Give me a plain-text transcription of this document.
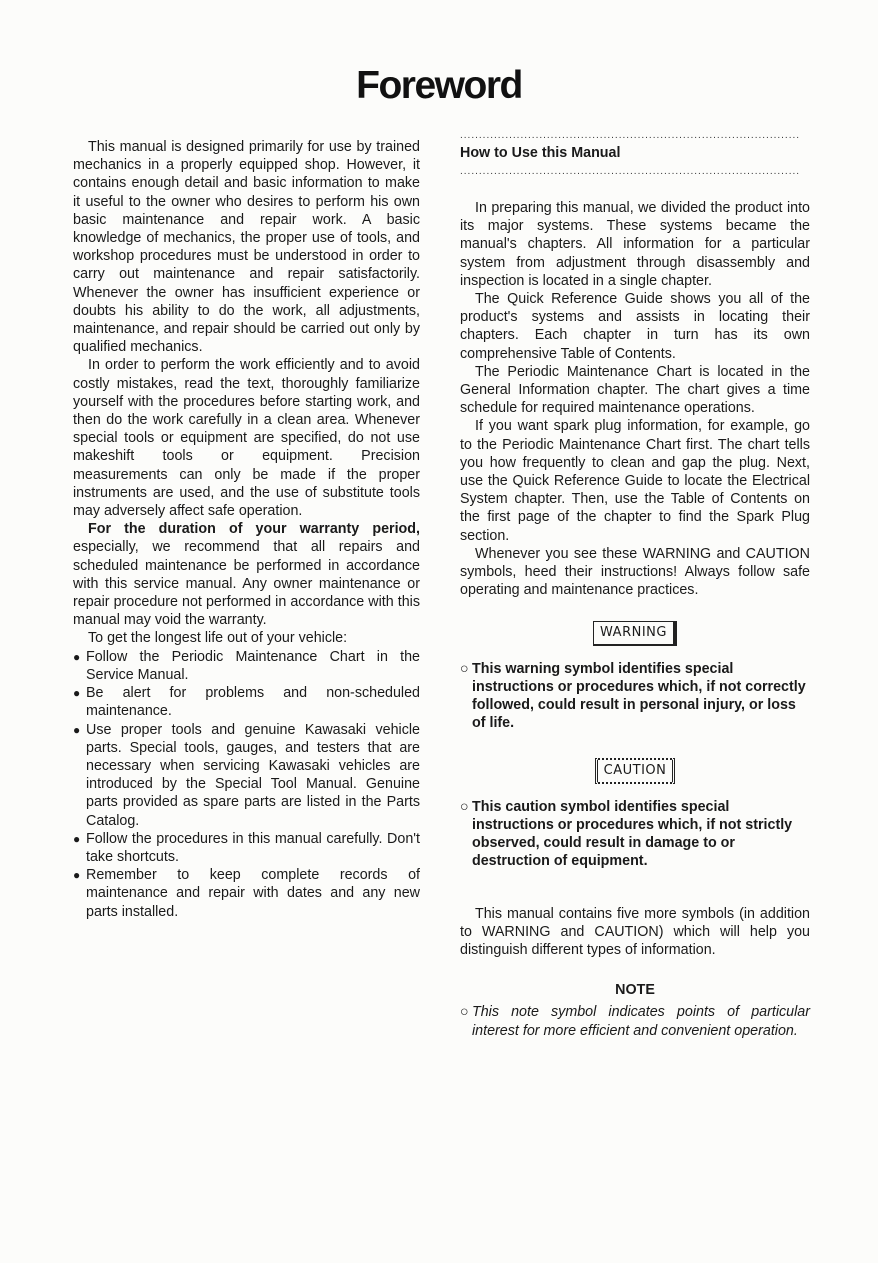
Foreword

This manual is designed primarily for use by trained mechanics in a properly equipped shop. However, it contains enough detail and basic information to make it useful to the owner who desires to perform his own basic maintenance and repair work. A basic knowledge of mechanics, the proper use of tools, and workshop procedures must be understood in order to carry out maintenance and repair satisfactorily. Whenever the owner has insufficient experience or doubts his ability to do the work, all adjustments, maintenance, and repair should be carried out only by qualified mechanics.

In order to perform the work efficiently and to avoid costly mistakes, read the text, thoroughly familiarize yourself with the procedures before starting work, and then do the work carefully in a clean area. Whenever special tools or equipment are specified, do not use makeshift tools or equipment. Precision measurements can only be made if the proper instruments are used, and the use of substitute tools may adversely affect safe operation.

For the duration of your warranty period, especially, we recommend that all repairs and scheduled maintenance be performed in accordance with this service manual. Any owner maintenance or repair procedure not performed in accordance with this manual may void the warranty.

To get the longest life out of your vehicle:

● Follow the Periodic Maintenance Chart in the Service Manual.
● Be alert for problems and non-scheduled maintenance.
● Use proper tools and genuine Kawasaki vehicle parts. Special tools, gauges, and testers that are necessary when servicing Kawasaki vehicles are introduced by the Special Tool Manual. Genuine parts provided as spare parts are listed in the Parts Catalog.
● Follow the procedures in this manual carefully. Don't take shortcuts.
● Remember to keep complete records of maintenance and repair with dates and any new parts installed.
..........................................................................................
How to Use this Manual
..........................................................................................

In preparing this manual, we divided the product into its major systems. These systems became the manual's chapters. All information for a particular system from adjustment through disassembly and inspection is located in a single chapter.

The Quick Reference Guide shows you all of the product's systems and assists in locating their chapters. Each chapter in turn has its own comprehensive Table of Contents.

The Periodic Maintenance Chart is located in the General Information chapter. The chart gives a time schedule for required maintenance operations.

If you want spark plug information, for example, go to the Periodic Maintenance Chart first. The chart tells you how frequently to clean and gap the plug. Next, use the Quick Reference Guide to locate the Electrical System chapter. Then, use the Table of Contents on the first page of the chapter to find the Spark Plug section.

Whenever you see these WARNING and CAUTION symbols, heed their instructions! Always follow safe operating and maintenance practices.

WARNING
○ This warning symbol identifies special instructions or procedures which, if not correctly followed, could result in personal injury, or loss of life.
CAUTION
○ This caution symbol identifies special instructions or procedures which, if not strictly observed, could result in damage to or destruction of equipment.

This manual contains five more symbols (in addition to WARNING and CAUTION) which will help you distinguish different types of information.

NOTE
○ This note symbol indicates points of particular interest for more efficient and convenient operation.
